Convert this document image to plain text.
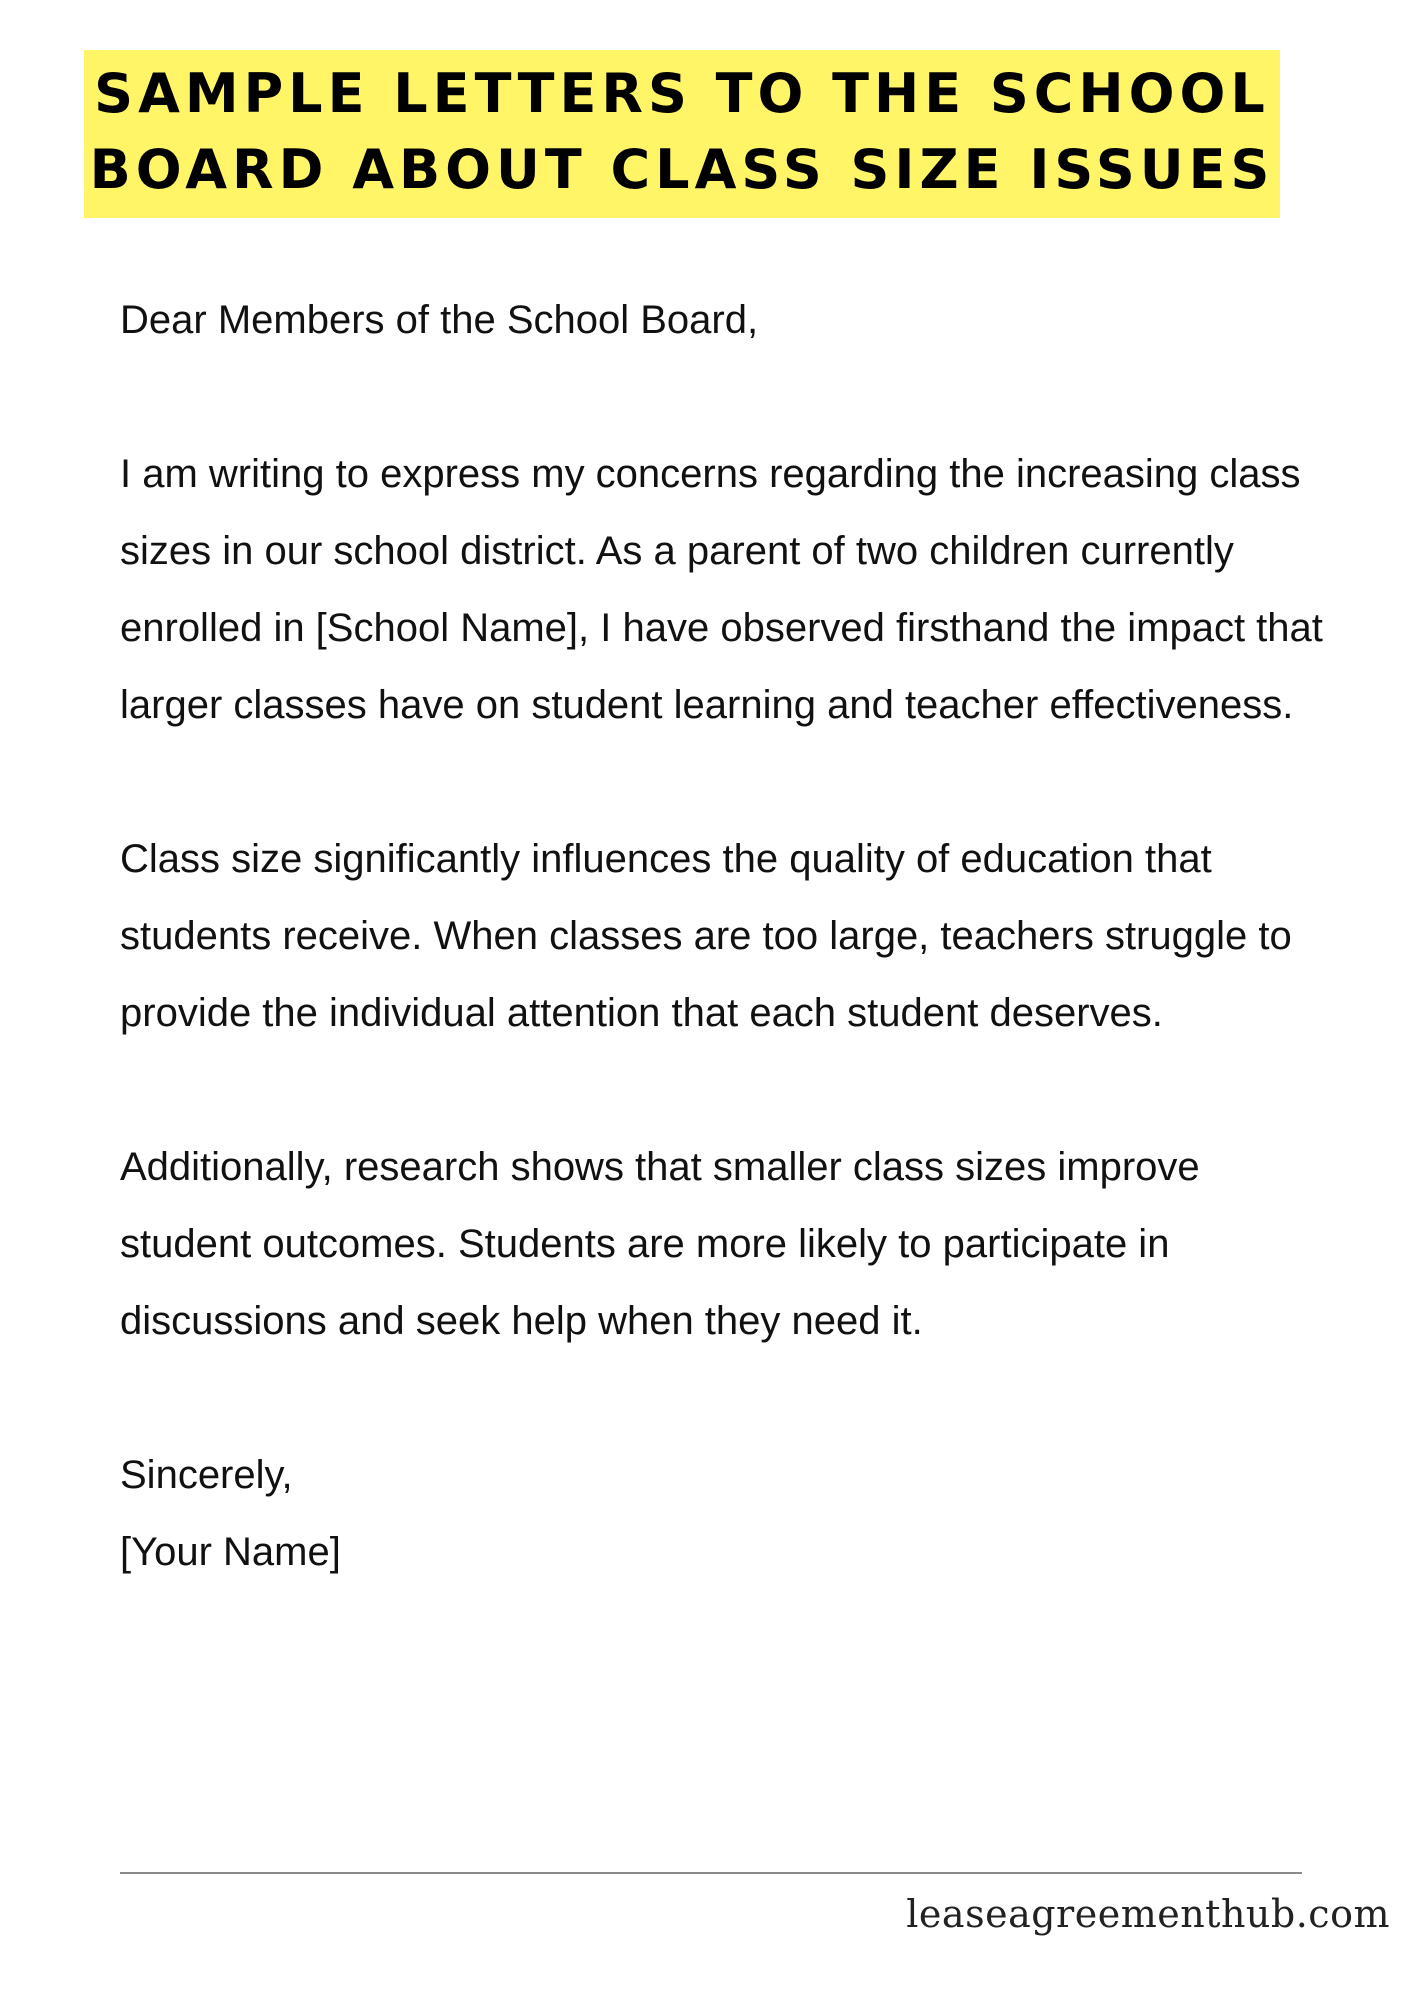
SAMPLE LETTERS TO THE SCHOOL
BOARD ABOUT CLASS SIZE ISSUES

Dear Members of the School Board,

I am writing to express my concerns regarding the increasing class sizes in our school district. As a parent of two children currently enrolled in [School Name], I have observed firsthand the impact that larger classes have on student learning and teacher effectiveness.

Class size significantly influences the quality of education that students receive. When classes are too large, teachers struggle to provide the individual attention that each student deserves.

Additionally, research shows that smaller class sizes improve student outcomes. Students are more likely to participate in discussions and seek help when they need it.

Sincerely,
[Your Name]

leaseagreementhub.com
